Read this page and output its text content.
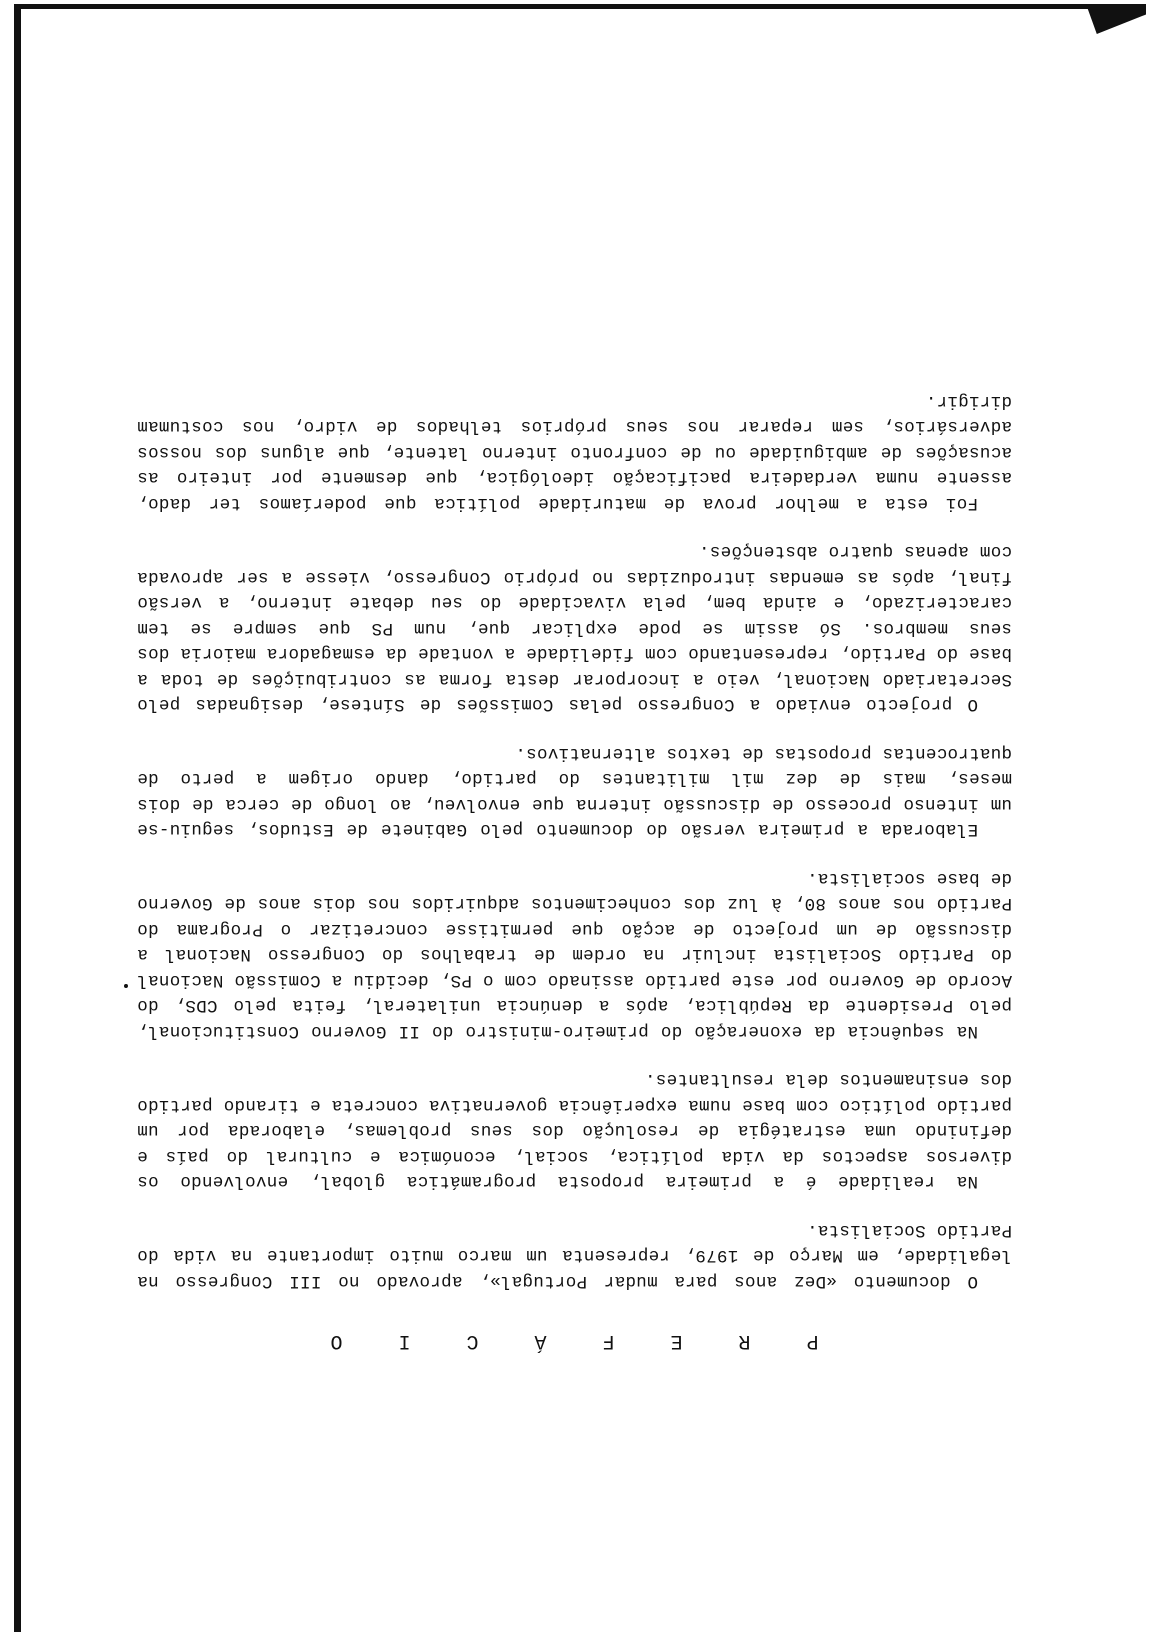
P R E F Á C I O

O documento «Dez anos para mudar Portugal», aprovado no III Congresso na legalidade, em Março de 1979, representa um marco muito importante na vida do Partido Socialista.

Na realidade é a primeira proposta programática global, envolvendo os diversos aspectos da vida política, social, económica e cultural do país e definindo uma estratégia de resolução dos seus problemas, elaborada por um partido político com base numa experiência governativa concreta e tirando partido dos ensinamentos dela resultantes.

Na sequência da exoneração do primeiro-ministro do II Governo Constitucional, pelo Presidente da República, após a denúncia unilateral, feita pelo CDS, do Acordo de Governo por este partido assinado com o PS, decidiu a Comissão Nacional do Partido Socialista incluir na ordem de trabalhos do Congresso Nacional a discussão de um projecto de acção que permitisse concretizar o Programa do Partido nos anos 80, à luz dos conhecimentos adquiridos nos dois anos de Governo de base socialista.

Elaborada a primeira versão do documento pelo Gabinete de Estudos, seguiu-se um intenso processo de discussão interna que envolveu, ao longo de cerca de dois meses, mais de dez mil militantes do partido, dando origem a perto de quatrocentas propostas de textos alternativos.

O projecto enviado a Congresso pelas Comissões de Síntese, designadas pelo Secretariado Nacional, veio a incorporar desta forma as contribuições de toda a base do Partido, representando com fidelidade a vontade da esmagadora maioria dos seus membros. Só assim se pode explicar que, num PS que sempre se tem caracterizado, e ainda bem, pela vivacidade do seu debate interno, a versão final, após as emendas introduzidas no próprio Congresso, viesse a ser aprovada com apenas quatro abstenções.

Foi esta a melhor prova de maturidade política que poderíamos ter dado, assente numa verdadeira pacificação ideológica, que desmente por inteiro as acusações de ambiguidade ou de confronto interno latente, que alguns dos nossos adversários, sem reparar nos seus próprios telhados de vidro, nos costumam dirigir.
